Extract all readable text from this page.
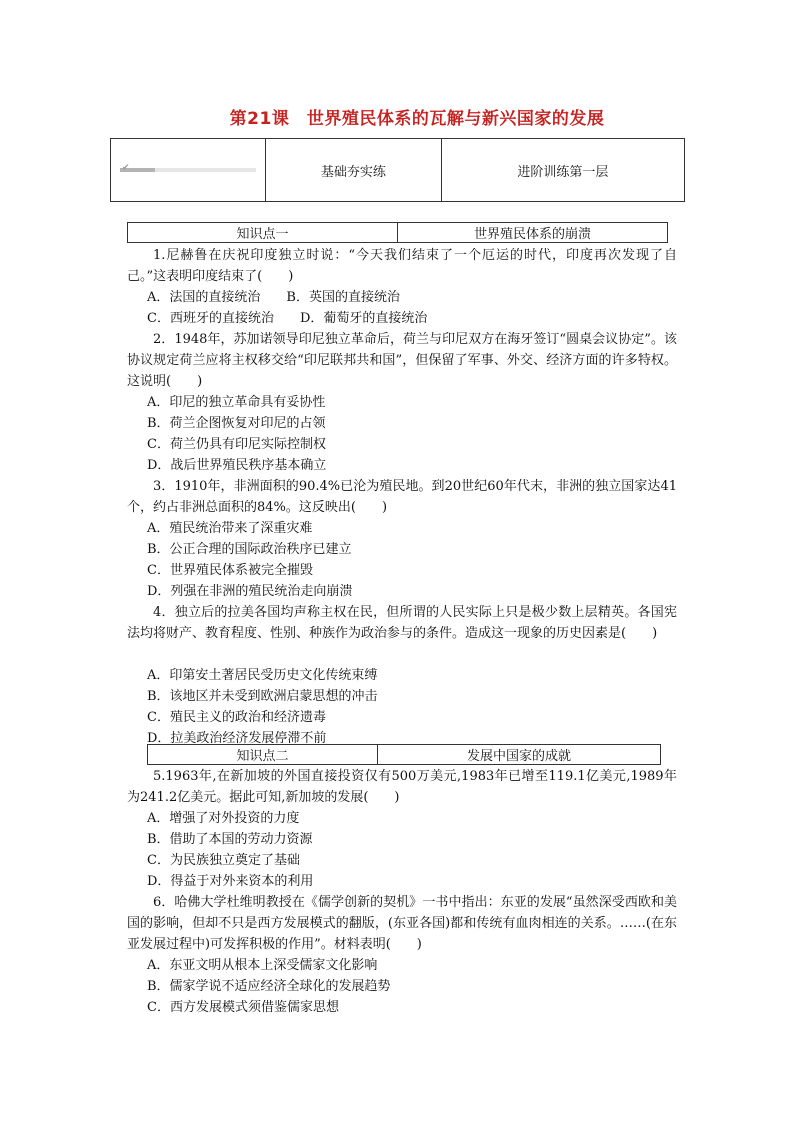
第21课　世界殖民体系的瓦解与新兴国家的发展
✔	基础夯实练	进阶训练第一层
知识点一	世界殖民体系的崩溃

1.尼赫鲁在庆祝印度独立时说：“今天我们结束了一个厄运的时代，印度再次发现了自己。”这表明印度结束了(　　)

A．法国的直接统治　　B．英国的直接统治

C．西班牙的直接统治　　D．葡萄牙的直接统治

2．1948年，苏加诺领导印尼独立革命后，荷兰与印尼双方在海牙签订“圆桌会议协定”。该协议规定荷兰应将主权移交给“印尼联邦共和国”，但保留了军事、外交、经济方面的许多特权。这说明(　　)

A．印尼的独立革命具有妥协性

B．荷兰企图恢复对印尼的占领

C．荷兰仍具有印尼实际控制权

D．战后世界殖民秩序基本确立

3．1910年，非洲面积的90.4%已沦为殖民地。到20世纪60年代末，非洲的独立国家达41个，约占非洲总面积的84%。这反映出(　　)

A．殖民统治带来了深重灾难

B．公正合理的国际政治秩序已建立

C．世界殖民体系被完全摧毁

D．列强在非洲的殖民统治走向崩溃

4．独立后的拉美各国均声称主权在民，但所谓的人民实际上只是极少数上层精英。各国宪法均将财产、教育程度、性别、种族作为政治参与的条件。造成这一现象的历史因素是(　　)

A．印第安土著居民受历史文化传统束缚

B．该地区并未受到欧洲启蒙思想的冲击

C．殖民主义的政治和经济遗毒

D．拉美政治经济发展停滞不前

知识点二	发展中国家的成就

5.1963年,在新加坡的外国直接投资仅有500万美元,1983年已增至119.1亿美元,1989年为241.2亿美元。据此可知,新加坡的发展(　　)

A．增强了对外投资的力度

B．借助了本国的劳动力资源

C．为民族独立奠定了基础

D．得益于对外来资本的利用

6．哈佛大学杜维明教授在《儒学创新的契机》一书中指出：东亚的发展“虽然深受西欧和美国的影响，但却不只是西方发展模式的翻版，(东亚各国)都和传统有血肉相连的关系。……(在东亚发展过程中)可发挥积极的作用”。材料表明(　　)

A．东亚文明从根本上深受儒家文化影响

B．儒家学说不适应经济全球化的发展趋势

C．西方发展模式须借鉴儒家思想
